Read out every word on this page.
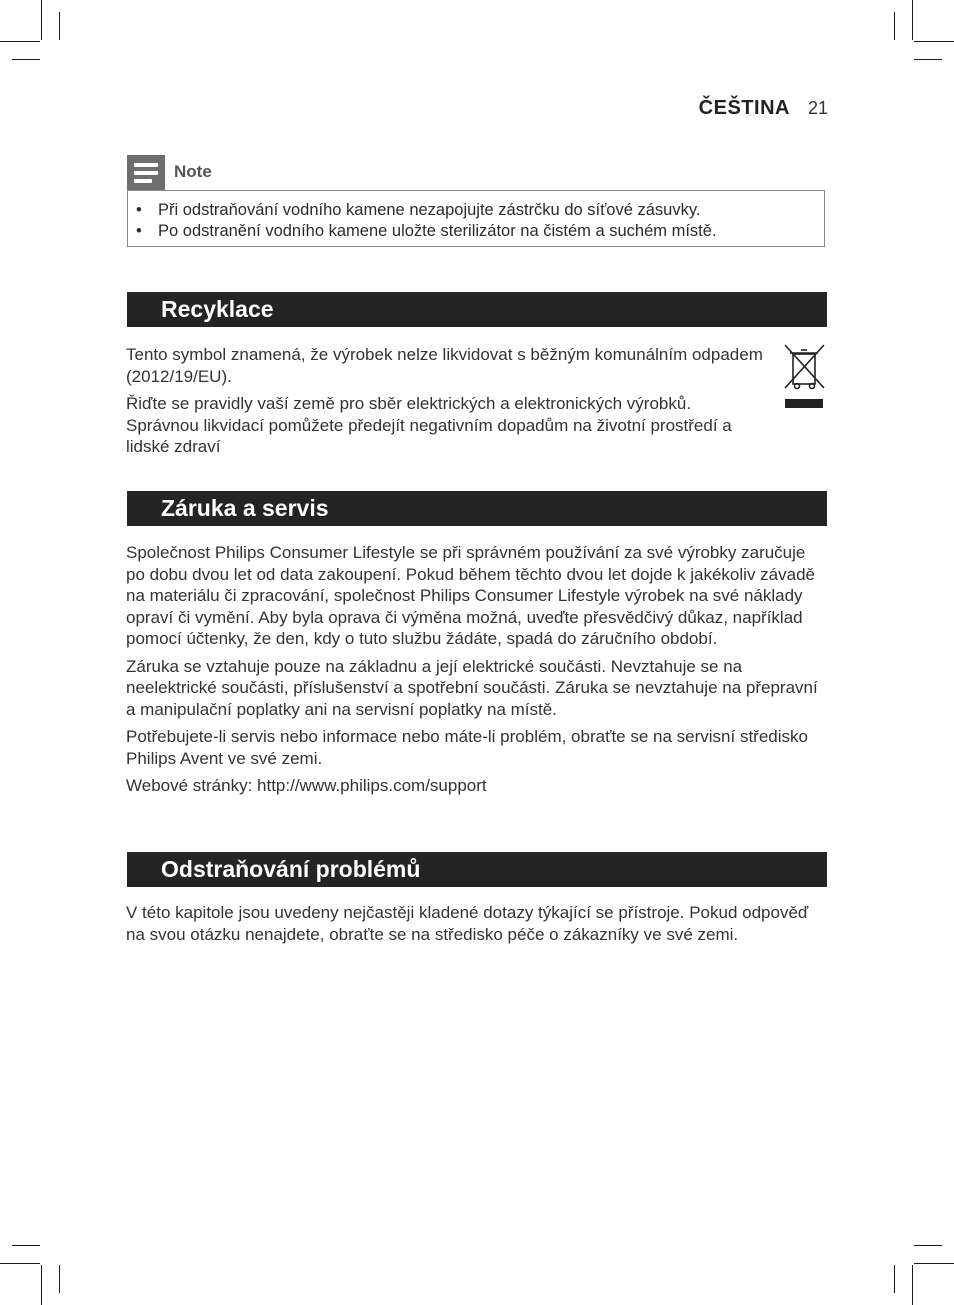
ČEŠTINA 21
Note
• Při odstraňování vodního kamene nezapojujte zástrčku do síťové zásuvky.
• Po odstranění vodního kamene uložte sterilizátor na čistém a suchém místě.
Recyklace

Tento symbol znamená, že výrobek nelze likvidovat s běžným komunálním odpadem (2012/19/EU).

Řiďte se pravidly vaší země pro sběr elektrických a elektronických výrobků. Správnou likvidací pomůžete předejít negativním dopadům na životní prostředí a lidské zdraví

Záruka a servis

Společnost Philips Consumer Lifestyle se při správném používání za své výrobky zaručuje po dobu dvou let od data zakoupení. Pokud během těchto dvou let dojde k jakékoliv závadě na materiálu či zpracování, společnost Philips Consumer Lifestyle výrobek na své náklady opraví či vymění. Aby byla oprava či výměna možná, uveďte přesvědčivý důkaz, například pomocí účtenky, že den, kdy o tuto službu žádáte, spadá do záručního období.

Záruka se vztahuje pouze na základnu a její elektrické součásti. Nevztahuje se na neelektrické součásti, příslušenství a spotřební součásti. Záruka se nevztahuje na přepravní a manipulační poplatky ani na servisní poplatky na místě.

Potřebujete-li servis nebo informace nebo máte-li problém, obraťte se na servisní středisko Philips Avent ve své zemi.

Webové stránky: http://www.philips.com/support

Odstraňování problémů

V této kapitole jsou uvedeny nejčastěji kladené dotazy týkající se přístroje. Pokud odpověď na svou otázku nenajdete, obraťte se na středisko péče o zákazníky ve své zemi.
